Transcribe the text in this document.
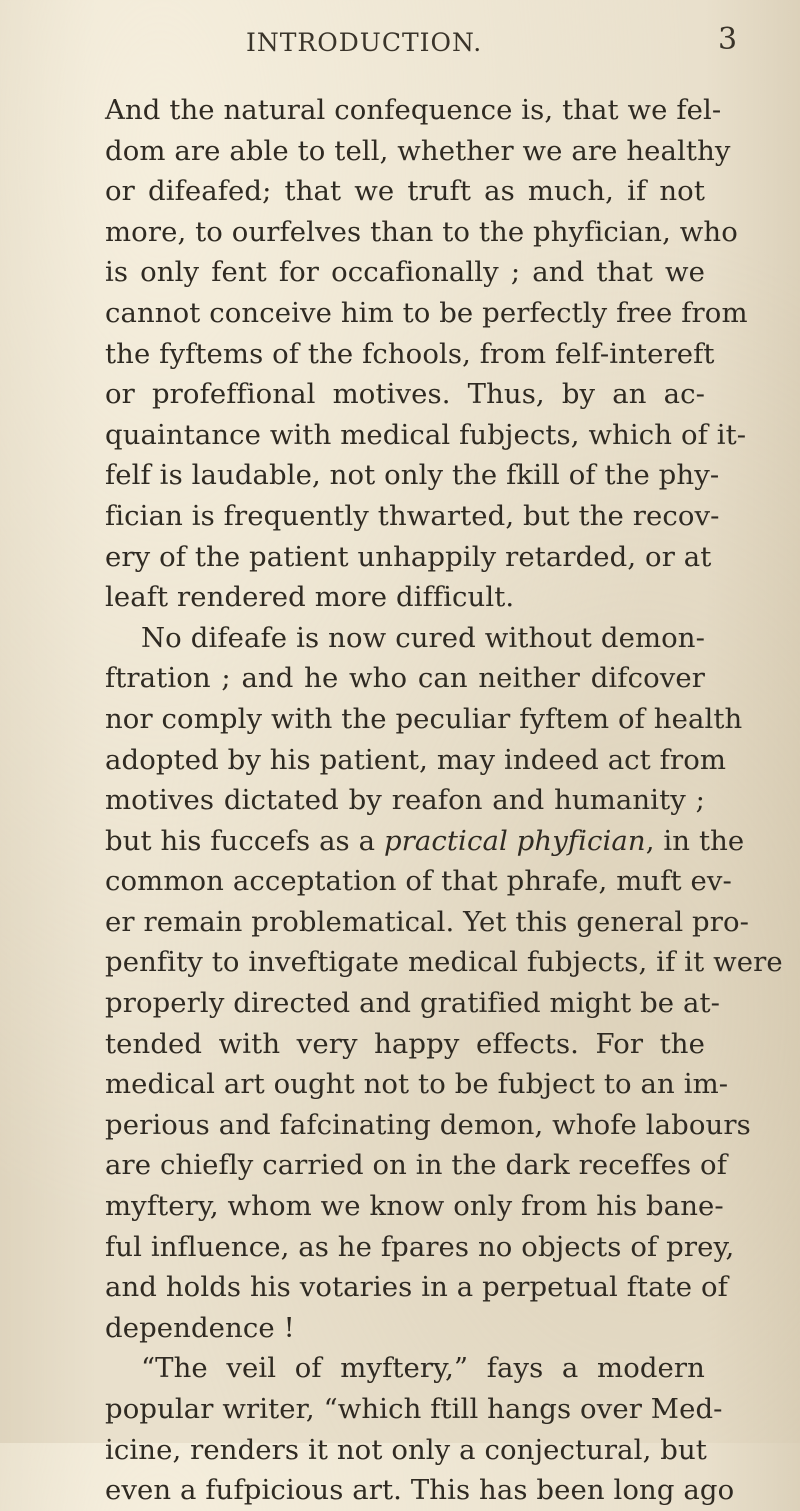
INTRODUCTION.	3
And the natural confequence is, that we fel-
dom are able to tell, whether we are healthy
or difeafed; that we truft as much, if not
more, to ourfelves than to the phyfician, who
is only fent for occafionally ; and that we
cannot conceive him to be perfectly free from
the fyftems of the fchools, from felf-intereft
or profeffional motives. Thus, by an ac-
quaintance with medical fubjects, which of it-
felf is laudable, not only the fkill of the phy-
fician is frequently thwarted, but the recov-
ery of the patient unhappily retarded, or at
leaft rendered more difficult.
No difeafe is now cured without demon-
ftration ; and he who can neither difcover
nor comply with the peculiar fyftem of health
adopted by his patient, may indeed act from
motives dictated by reafon and humanity ;
but his fuccefs as a practical phyfician, in the
common acceptation of that phrafe, muft ev-
er remain problematical. Yet this general pro-
penfity to inveftigate medical fubjects, if it were
properly directed and gratified might be at-
tended with very happy effects. For the
medical art ought not to be fubject to an im-
perious and fafcinating demon, whofe labours
are chiefly carried on in the dark receffes of
myftery, whom we know only from his bane-
ful influence, as he fpares no objects of prey,
and holds his votaries in a perpetual ftate of
dependence !
“The veil of myftery,” fays a modern
popular writer, “which ftill hangs over Med-
icine, renders it not only a conjectural, but
even a fufpicious art. This has been long ago
